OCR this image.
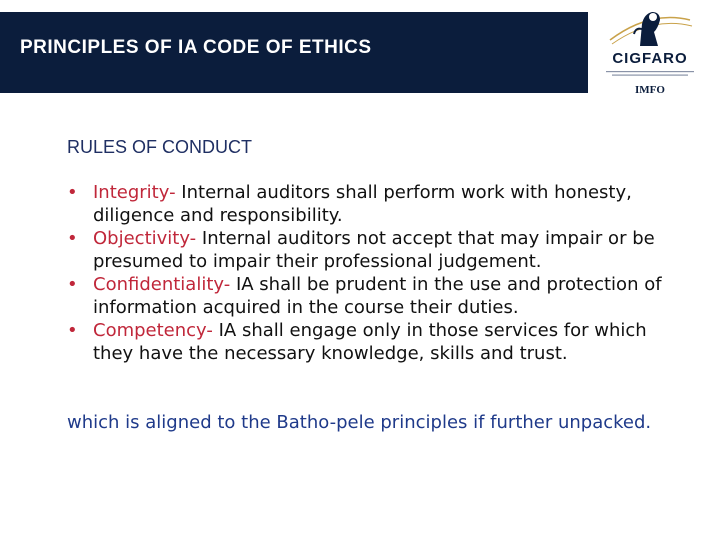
PRINCIPLES OF IA CODE OF ETHICS
CIGFARO
IMFO
RULES OF CONDUCT
• Integrity- Internal auditors shall perform work with honesty, diligence and responsibility.
• Objectivity- Internal auditors not accept that may impair or be presumed to impair their professional judgement.
• Confidentiality- IA shall be prudent in the use and protection of information acquired in the course their duties.
• Competency- IA shall engage only in those services for which they have the necessary knowledge, skills and trust.

which is aligned to the Batho-pele principles if further unpacked.
